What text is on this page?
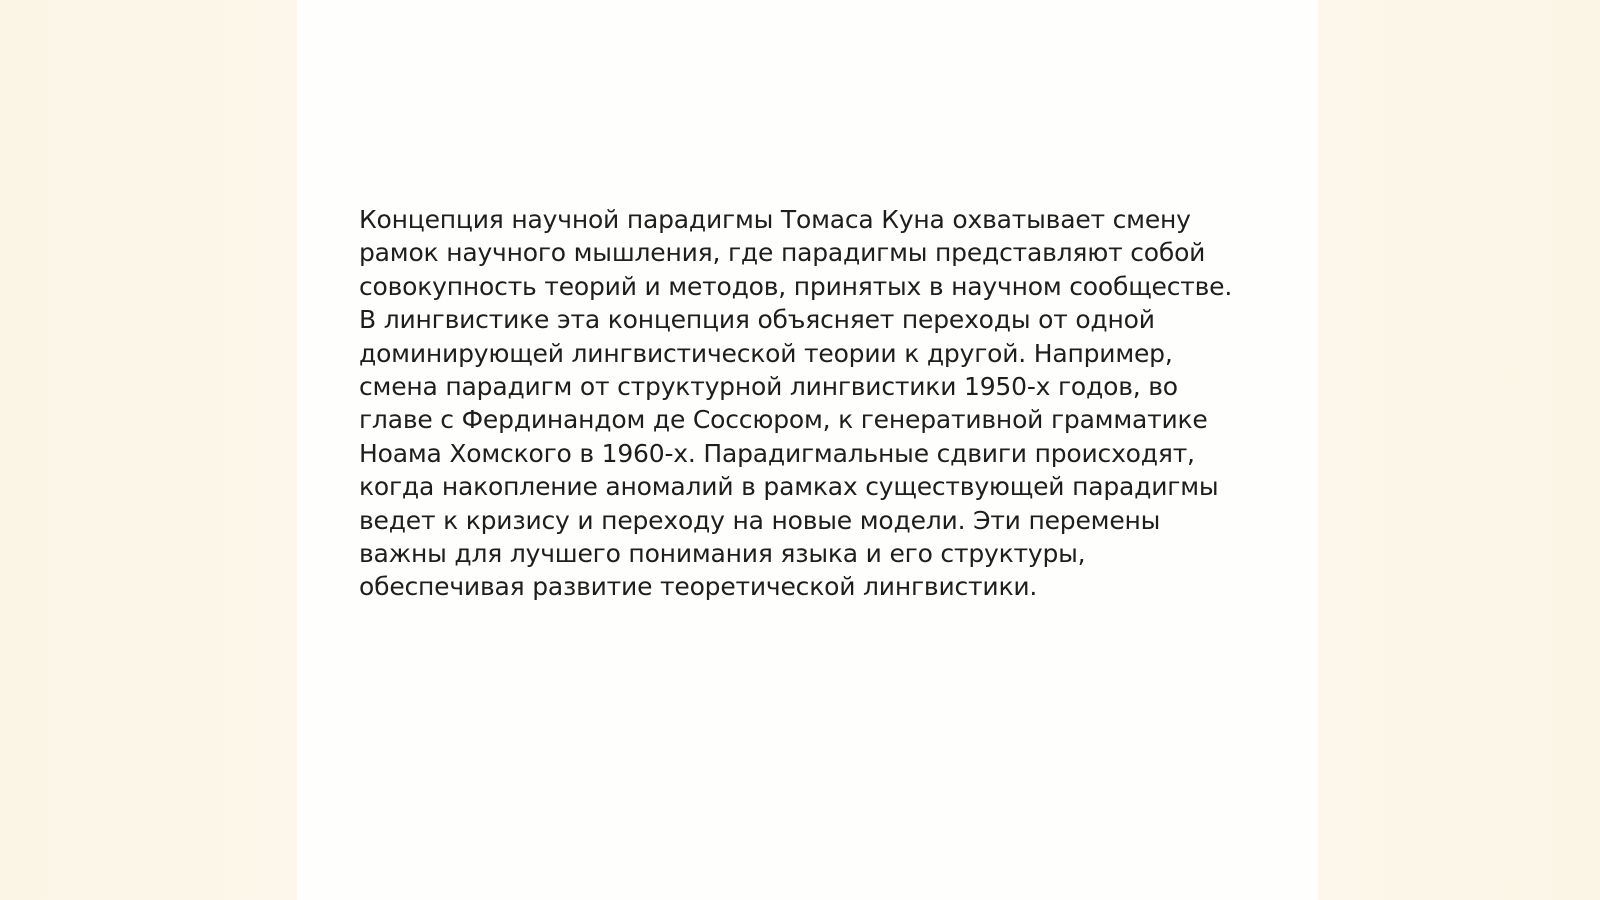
Концепция научной парадигмы Томаса Куна охватывает смену рамок научного мышления, где парадигмы представляют собой совокупность теорий и методов, принятых в научном сообществе. В лингвистике эта концепция объясняет переходы от одной доминирующей лингвистической теории к другой. Например, смена парадигм от структурной лингвистики 1950-х годов, во главе с Фердинандом де Соссюром, к генеративной грамматике Ноама Хомского в 1960-х. Парадигмальные сдвиги происходят, когда накопление аномалий в рамках существующей парадигмы ведет к кризису и переходу на новые модели. Эти перемены важны для лучшего понимания языка и его структуры, обеспечивая развитие теоретической лингвистики.
